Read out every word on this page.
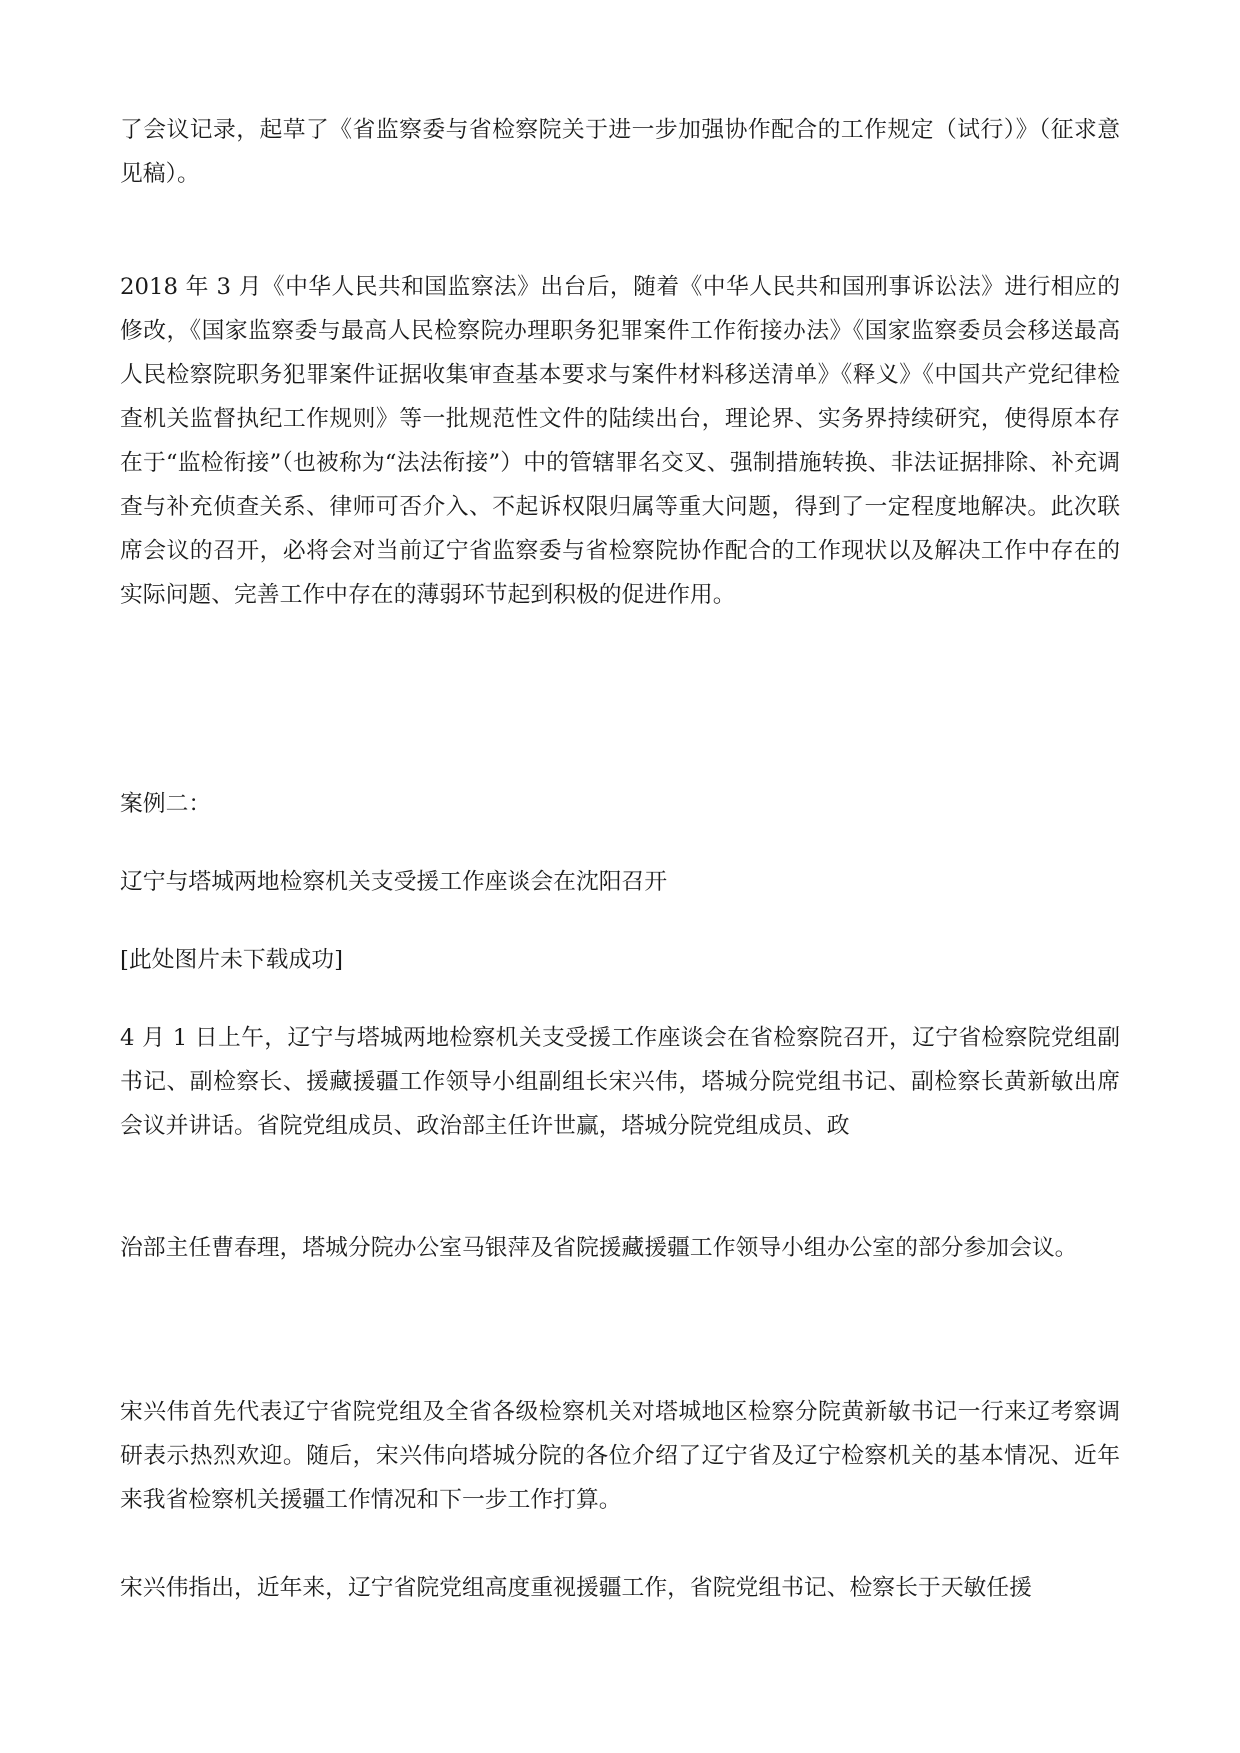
了会议记录，起草了《省监察委与省检察院关于进一步加强协作配合的工作规定（试行）》（征求意见稿）。

2018 年 3 月《中华人民共和国监察法》出台后，随着《中华人民共和国刑事诉讼法》进行相应的修改，《国家监察委与最高人民检察院办理职务犯罪案件工作衔接办法》《国家监察委员会移送最高人民检察院职务犯罪案件证据收集审查基本要求与案件材料移送清单》《释义》《中国共产党纪律检查机关监督执纪工作规则》等一批规范性文件的陆续出台，理论界、实务界持续研究，使得原本存在于“监检衔接”（也被称为“法法衔接”）中的管辖罪名交叉、强制措施转换、非法证据排除、补充调查与补充侦查关系、律师可否介入、不起诉权限归属等重大问题，得到了一定程度地解决。此次联席会议的召开，必将会对当前辽宁省监察委与省检察院协作配合的工作现状以及解决工作中存在的实际问题、完善工作中存在的薄弱环节起到积极的促进作用。

案例二：

辽宁与塔城两地检察机关支受援工作座谈会在沈阳召开

[此处图片未下载成功]

4 月 1 日上午，辽宁与塔城两地检察机关支受援工作座谈会在省检察院召开，辽宁省检察院党组副书记、副检察长、援藏援疆工作领导小组副组长宋兴伟，塔城分院党组书记、副检察长黄新敏出席会议并讲话。省院党组成员、政治部主任许世赢，塔城分院党组成员、政

治部主任曹春理，塔城分院办公室马银萍及省院援藏援疆工作领导小组办公室的部分参加会议。

宋兴伟首先代表辽宁省院党组及全省各级检察机关对塔城地区检察分院黄新敏书记一行来辽考察调研表示热烈欢迎。随后，宋兴伟向塔城分院的各位介绍了辽宁省及辽宁检察机关的基本情况、近年来我省检察机关援疆工作情况和下一步工作打算。

宋兴伟指出，近年来，辽宁省院党组高度重视援疆工作，省院党组书记、检察长于天敏任援
